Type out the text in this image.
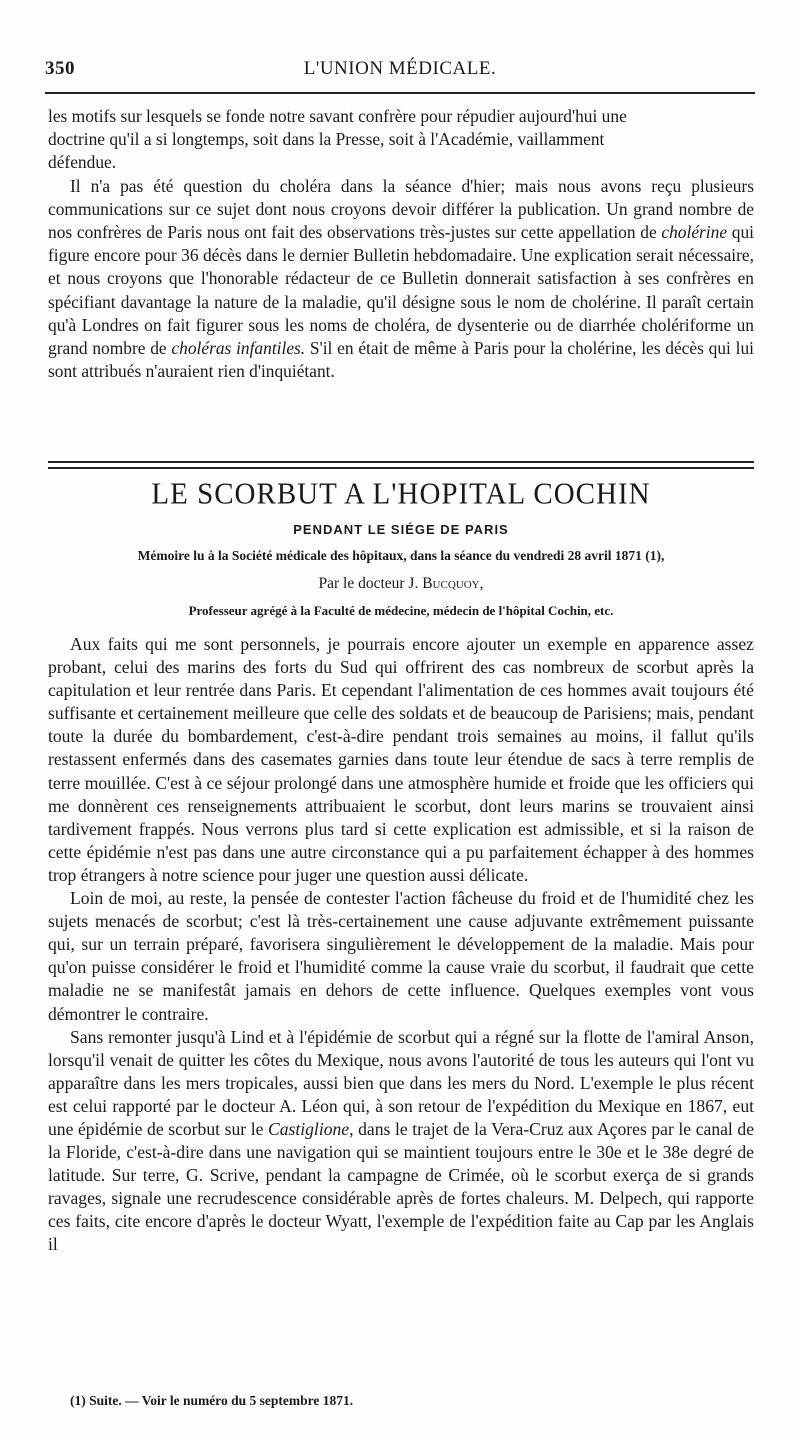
350	L'UNION MÉDICALE.
les motifs sur lesquels se fonde notre savant confrère pour répudier aujourd'hui une
doctrine qu'il a si longtemps, soit dans la Presse, soit à l'Académie, vaillamment
défendue.

Il n'a pas été question du choléra dans la séance d'hier; mais nous avons reçu plusieurs communications sur ce sujet dont nous croyons devoir différer la publication. Un grand nombre de nos confrères de Paris nous ont fait des observations très-justes sur cette appellation de cholérine qui figure encore pour 36 décès dans le dernier Bulletin hebdomadaire. Une explication serait nécessaire, et nous croyons que l'honorable rédacteur de ce Bulletin donnerait satisfaction à ses confrères en spécifiant davantage la nature de la maladie, qu'il désigne sous le nom de cholérine. Il paraît certain qu'à Londres on fait figurer sous les noms de choléra, de dysenterie ou de diarrhée cholériforme un grand nombre de choléras infantiles. S'il en était de même à Paris pour la cholérine, les décès qui lui sont attribués n'auraient rien d'inquiétant.

LE SCORBUT A L'HOPITAL COCHIN
PENDANT LE SIÉGE DE PARIS
Mémoire lu à la Société médicale des hôpitaux, dans la séance du vendredi 28 avril 1871 (1),
Par le docteur J. Bucquoy,
Professeur agrégé à la Faculté de médecine, médecin de l'hôpital Cochin, etc.

Aux faits qui me sont personnels, je pourrais encore ajouter un exemple en apparence assez probant, celui des marins des forts du Sud qui offrirent des cas nombreux de scorbut après la capitulation et leur rentrée dans Paris. Et cependant l'alimentation de ces hommes avait toujours été suffisante et certainement meilleure que celle des soldats et de beaucoup de Parisiens; mais, pendant toute la durée du bombardement, c'est-à-dire pendant trois semaines au moins, il fallut qu'ils restassent enfermés dans des casemates garnies dans toute leur étendue de sacs à terre remplis de terre mouillée. C'est à ce séjour prolongé dans une atmosphère humide et froide que les officiers qui me donnèrent ces renseignements attribuaient le scorbut, dont leurs marins se trouvaient ainsi tardivement frappés. Nous verrons plus tard si cette explication est admissible, et si la raison de cette épidémie n'est pas dans une autre circonstance qui a pu parfaitement échapper à des hommes trop étrangers à notre science pour juger une question aussi délicate.

Loin de moi, au reste, la pensée de contester l'action fâcheuse du froid et de l'humidité chez les sujets menacés de scorbut; c'est là très-certainement une cause adjuvante extrêmement puissante qui, sur un terrain préparé, favorisera singulièrement le développement de la maladie. Mais pour qu'on puisse considérer le froid et l'humidité comme la cause vraie du scorbut, il faudrait que cette maladie ne se manifestât jamais en dehors de cette influence. Quelques exemples vont vous démontrer le contraire.

Sans remonter jusqu'à Lind et à l'épidémie de scorbut qui a régné sur la flotte de l'amiral Anson, lorsqu'il venait de quitter les côtes du Mexique, nous avons l'autorité de tous les auteurs qui l'ont vu apparaître dans les mers tropicales, aussi bien que dans les mers du Nord. L'exemple le plus récent est celui rapporté par le docteur A. Léon qui, à son retour de l'expédition du Mexique en 1867, eut une épidémie de scorbut sur le Castiglione, dans le trajet de la Vera-Cruz aux Açores par le canal de la Floride, c'est-à-dire dans une navigation qui se maintient toujours entre le 30e et le 38e degré de latitude. Sur terre, G. Scrive, pendant la campagne de Crimée, où le scorbut exerça de si grands ravages, signale une recrudescence considérable après de fortes chaleurs. M. Delpech, qui rapporte ces faits, cite encore d'après le docteur Wyatt, l'exemple de l'expédition faite au Cap par les Anglais il

(1) Suite. — Voir le numéro du 5 septembre 1871.
